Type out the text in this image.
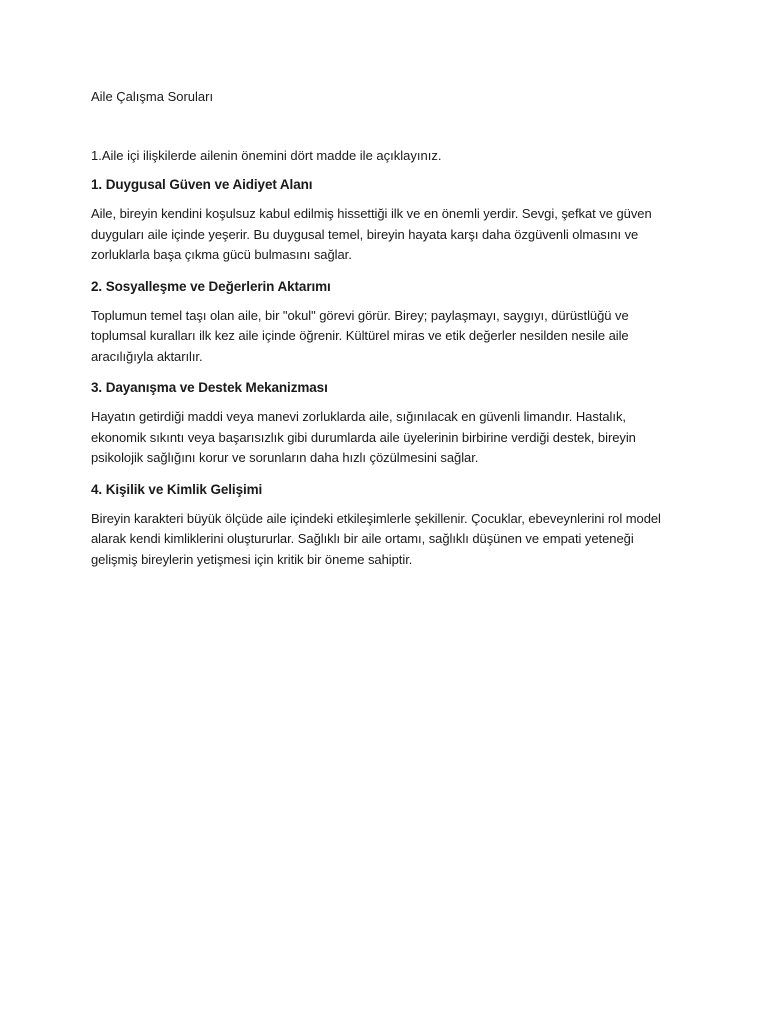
Aile Çalışma Soruları

1.Aile içi ilişkilerde ailenin önemini dört madde ile açıklayınız.

1. Duygusal Güven ve Aidiyet Alanı

Aile, bireyin kendini koşulsuz kabul edilmiş hissettiği ilk ve en önemli yerdir. Sevgi, şefkat ve güven duyguları aile içinde yeşerir. Bu duygusal temel, bireyin hayata karşı daha özgüvenli olmasını ve zorluklarla başa çıkma gücü bulmasını sağlar.

2. Sosyalleşme ve Değerlerin Aktarımı

Toplumun temel taşı olan aile, bir "okul" görevi görür. Birey; paylaşmayı, saygıyı, dürüstlüğü ve toplumsal kuralları ilk kez aile içinde öğrenir. Kültürel miras ve etik değerler nesilden nesile aile aracılığıyla aktarılır.

3. Dayanışma ve Destek Mekanizması

Hayatın getirdiği maddi veya manevi zorluklarda aile, sığınılacak en güvenli limandır. Hastalık, ekonomik sıkıntı veya başarısızlık gibi durumlarda aile üyelerinin birbirine verdiği destek, bireyin psikolojik sağlığını korur ve sorunların daha hızlı çözülmesini sağlar.

4. Kişilik ve Kimlik Gelişimi

Bireyin karakteri büyük ölçüde aile içindeki etkileşimlerle şekillenir. Çocuklar, ebeveynlerini rol model alarak kendi kimliklerini oluştururlar. Sağlıklı bir aile ortamı, sağlıklı düşünen ve empati yeteneği gelişmiş bireylerin yetişmesi için kritik bir öneme sahiptir.
